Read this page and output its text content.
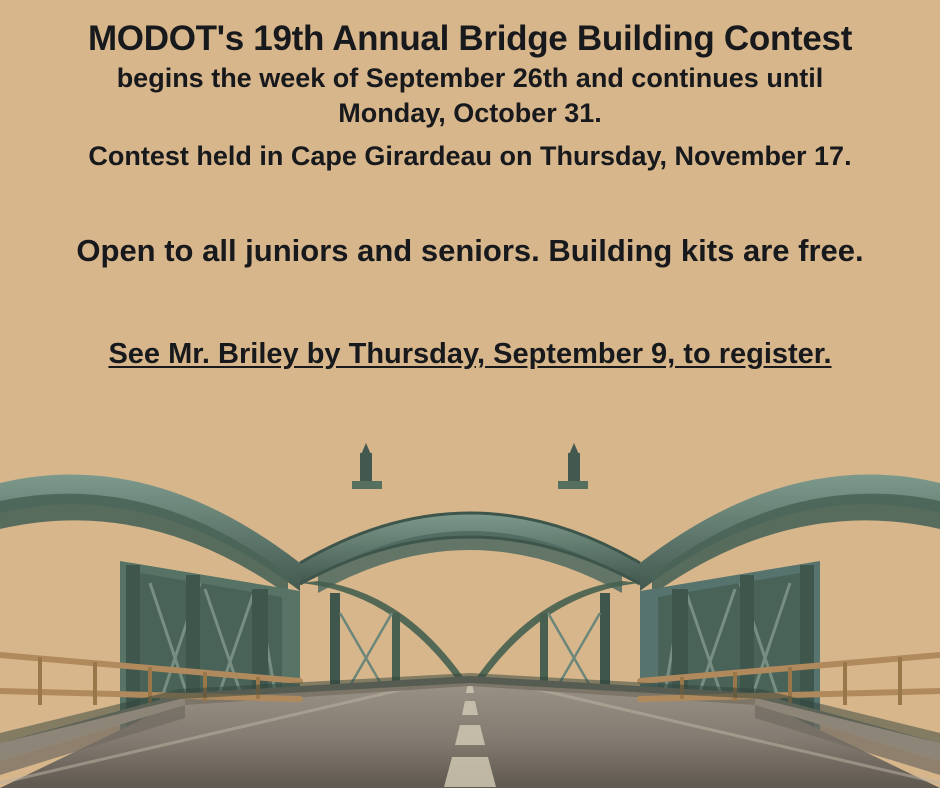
MODOT's 19th Annual Bridge Building Contest
begins the week of September 26th and continues until
Monday, October 31.
Contest held in Cape Girardeau on Thursday, November 17.
Open to all juniors and seniors. Building kits are free.
See Mr. Briley by Thursday, September 9, to register.
